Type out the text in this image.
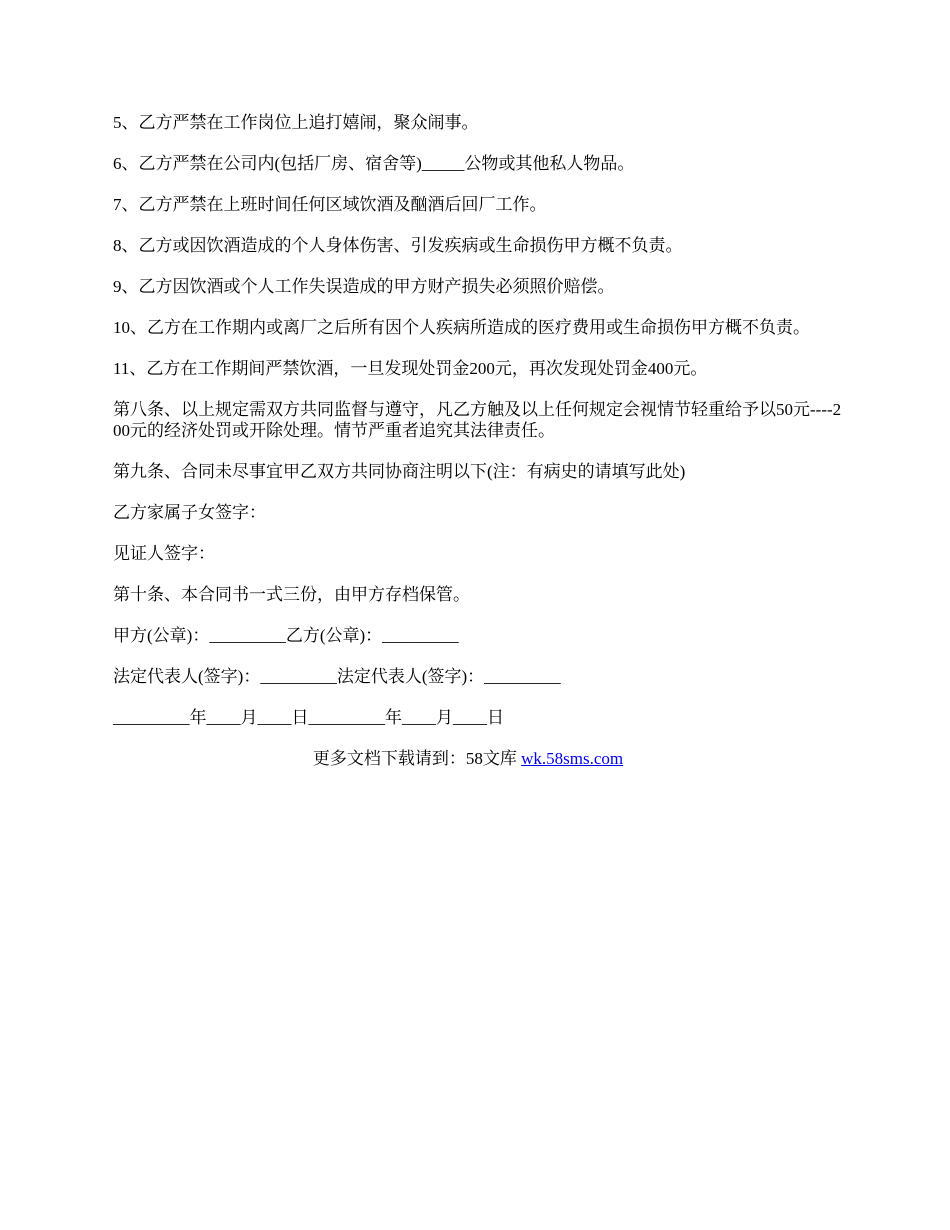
5、乙方严禁在工作岗位上追打嬉闹，聚众闹事。

6、乙方严禁在公司内(包括厂房、宿舍等)_____公物或其他私人物品。

7、乙方严禁在上班时间任何区域饮酒及酗酒后回厂工作。

8、乙方或因饮酒造成的个人身体伤害、引发疾病或生命损伤甲方概不负责。

9、乙方因饮酒或个人工作失误造成的甲方财产损失必须照价赔偿。

10、乙方在工作期内或离厂之后所有因个人疾病所造成的医疗费用或生命损伤甲方概不负责。

11、乙方在工作期间严禁饮酒，一旦发现处罚金200元，再次发现处罚金400元。

第八条、以上规定需双方共同监督与遵守，凡乙方触及以上任何规定会视情节轻重给予以50元----200元的经济处罚或开除处理。情节严重者追究其法律责任。

第九条、合同未尽事宜甲乙双方共同协商注明以下(注：有病史的请填写此处)

乙方家属子女签字：

见证人签字：

第十条、本合同书一式三份，由甲方存档保管。

甲方(公章)：_________乙方(公章)：_________

法定代表人(签字)：_________法定代表人(签字)：_________

_________年____月____日_________年____月____日

更多文档下载请到：58文库 wk.58sms.com
